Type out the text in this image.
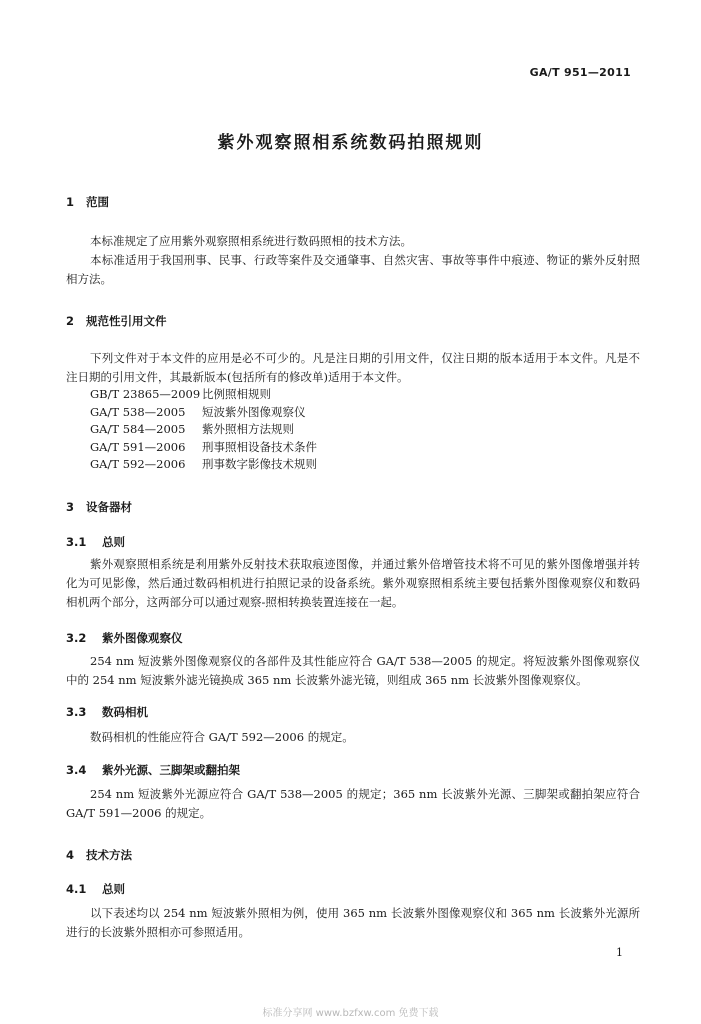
GA/T 951—2011
紫外观察照相系统数码拍照规则
1 范围
本标准规定了应用紫外观察照相系统进行数码照相的技术方法。
本标准适用于我国刑事、民事、行政等案件及交通肇事、自然灾害、事故等事件中痕迹、物证的紫外反射照相方法。
2 规范性引用文件
下列文件对于本文件的应用是必不可少的。凡是注日期的引用文件，仅注日期的版本适用于本文件。凡是不注日期的引用文件，其最新版本(包括所有的修改单)适用于本文件。
GB/T 23865—2009 比例照相规则
GA/T 538—2005 短波紫外图像观察仪
GA/T 584—2005 紫外照相方法规则
GA/T 591—2006 刑事照相设备技术条件
GA/T 592—2006 刑事数字影像技术规则
3 设备器材
3.1 总则
紫外观察照相系统是利用紫外反射技术获取痕迹图像，并通过紫外倍增管技术将不可见的紫外图像增强并转化为可见影像，然后通过数码相机进行拍照记录的设备系统。紫外观察照相系统主要包括紫外图像观察仪和数码相机两个部分，这两部分可以通过观察-照相转换装置连接在一起。
3.2 紫外图像观察仪
254 nm 短波紫外图像观察仪的各部件及其性能应符合 GA/T 538—2005 的规定。将短波紫外图像观察仪中的 254 nm 短波紫外滤光镜换成 365 nm 长波紫外滤光镜，则组成 365 nm 长波紫外图像观察仪。
3.3 数码相机
数码相机的性能应符合 GA/T 592—2006 的规定。
3.4 紫外光源、三脚架或翻拍架
254 nm 短波紫外光源应符合 GA/T 538—2005 的规定；365 nm 长波紫外光源、三脚架或翻拍架应符合 GA/T 591—2006 的规定。
4 技术方法
4.1 总则
以下表述均以 254 nm 短波紫外照相为例，使用 365 nm 长波紫外图像观察仪和 365 nm 长波紫外光源所进行的长波紫外照相亦可参照适用。
1
标准分享网 www.bzfxw.com 免费下载
